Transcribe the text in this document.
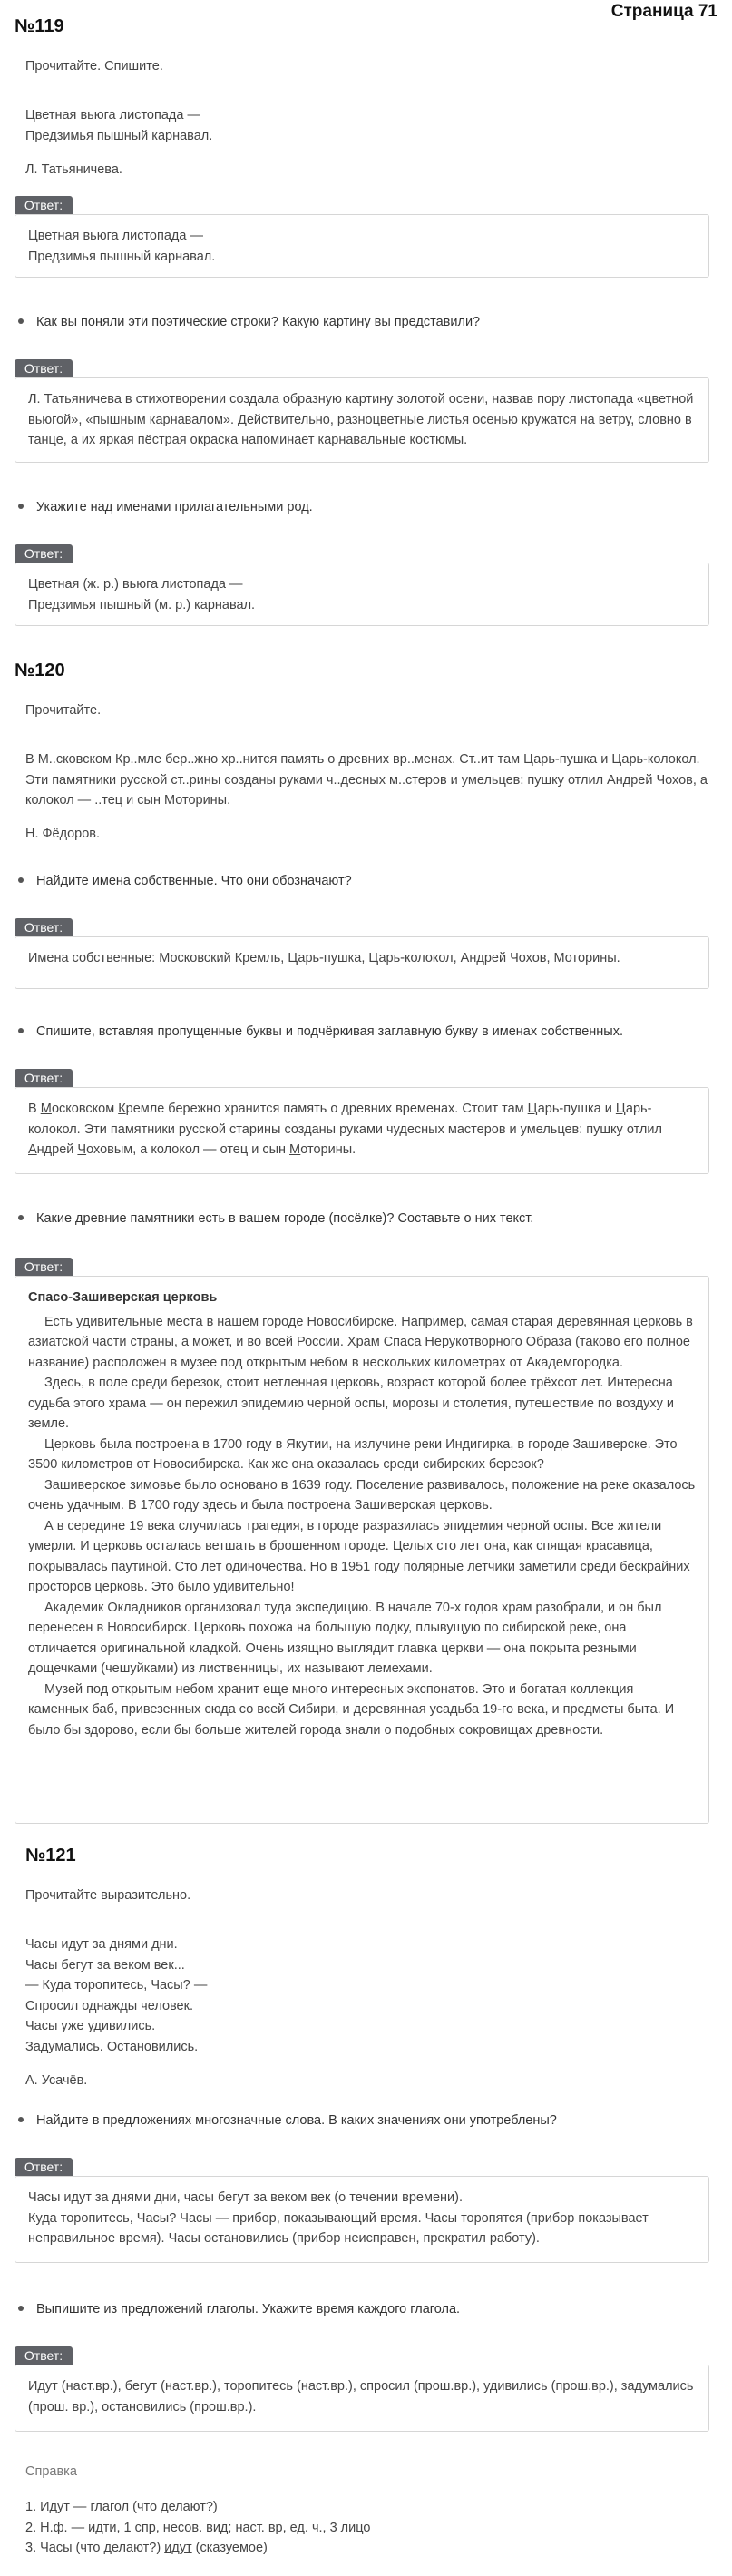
Страница 71
№119
Прочитайте. Спишите.
Цветная вьюга листопада —
Предзимья пышный карнавал.
Л. Татьяничева.
Ответ:
Цветная вьюга листопада —
Предзимья пышный карнавал.
Как вы поняли эти поэтические строки? Какую картину вы представили?
Ответ:
Л. Татьяничева в стихотворении создала образную картину золотой осени, назвав пору листопада «цветной вьюгой», «пышным карнавалом». Действительно, разноцветные листья осенью кружатся на ветру, словно в танце, а их яркая пёстрая окраска напоминает карнавальные костюмы.
Укажите над именами прилагательными род.
Ответ:
Цветная (ж. р.) вьюга листопада —
Предзимья пышный (м. р.) карнавал.
№120
Прочитайте.
В М..сковском Кр..мле бер..жно хр..нится память о древних вр..менах. Ст..ит там Царь-пушка и Царь-колокол. Эти памятники русской ст..рины созданы руками ч..десных м..стеров и умельцев: пушку отлил Андрей Чохов, а колокол — ..тец и сын Моторины.
Н. Фёдоров.
Найдите имена собственные. Что они обозначают?
Ответ:
Имена собственные: Московский Кремль, Царь-пушка, Царь-колокол, Андрей Чохов, Моторины.
Спишите, вставляя пропущенные буквы и подчёркивая заглавную букву в именах собственных.
Ответ:
В Московском Кремле бережно хранится память о древних временах. Стоит там Царь-пушка и Царь-колокол. Эти памятники русской старины созданы руками чудесных мастеров и умельцев: пушку отлил Андрей Чоховым, а колокол — отец и сын Моторины.
Какие древние памятники есть в вашем городе (посёлке)? Составьте о них текст.
Ответ:
Спасо-Зашиверская церковь
Есть удивительные места в нашем городе Новосибирске. Например, самая старая деревянная церковь в азиатской части страны, а может, и во всей России. Храм Спаса Нерукотворного Образа (таково его полное название) расположен в музее под открытым небом в нескольких километрах от Академгородка.
Здесь, в поле среди березок, стоит нетленная церковь, возраст которой более трёхсот лет. Интересна судьба этого храма — он пережил эпидемию черной оспы, морозы и столетия, путешествие по воздуху и земле.
Церковь была построена в 1700 году в Якутии, на излучине реки Индигирка, в городе Зашиверске. Это 3500 километров от Новосибирска. Как же она оказалась среди сибирских березок?
Зашиверское зимовье было основано в 1639 году. Поселение развивалось, положение на реке оказалось очень удачным. В 1700 году здесь и была построена Зашиверская церковь.
А в середине 19 века случилась трагедия, в городе разразилась эпидемия черной оспы. Все жители умерли. И церковь осталась ветшать в брошенном городе. Целых сто лет она, как спящая красавица, покрывалась паутиной. Сто лет одиночества. Но в 1951 году полярные летчики заметили среди бескрайних просторов церковь. Это было удивительно!
Академик Окладников организовал туда экспедицию. В начале 70-х годов храм разобрали, и он был перенесен в Новосибирск. Церковь похожа на большую лодку, плывущую по сибирской реке, она отличается оригинальной кладкой. Очень изящно выглядит главка церкви — она покрыта резными дощечками (чешуйками) из лиственницы, их называют лемехами.
Музей под открытым небом хранит еще много интересных экспонатов. Это и богатая коллекция каменных баб, привезенных сюда со всей Сибири, и деревянная усадьба 19-го века, и предметы быта. И было бы здорово, если бы больше жителей города знали о подобных сокровищах древности.
№121
Прочитайте выразительно.
Часы идут за днями дни.
Часы бегут за веком век...
— Куда торопитесь, Часы? —
Спросил однажды человек.
Часы уже удивились.
Задумались. Остановились.
А. Усачёв.
Найдите в предложениях многозначные слова. В каких значениях они употреблены?
Ответ:
Часы идут за днями дни, часы бегут за веком век (о течении времени).
Куда торопитесь, Часы? Часы — прибор, показывающий время. Часы торопятся (прибор показывает неправильное время). Часы остановились (прибор неисправен, прекратил работу).
Выпишите из предложений глаголы. Укажите время каждого глагола.
Ответ:
Идут (наст.вр.), бегут (наст.вр.), торопитесь (наст.вр.), спросил (прош.вр.), удивились (прош.вр.), задумались (прош. вр.), остановились (прош.вр.).
Справка
1. Идут — глагол (что делают?)
2. Н.ф. — идти, 1 спр, несов. вид; наст. вр, ед. ч., 3 лицо
3. Часы (что делают?) идут (сказуемое)
